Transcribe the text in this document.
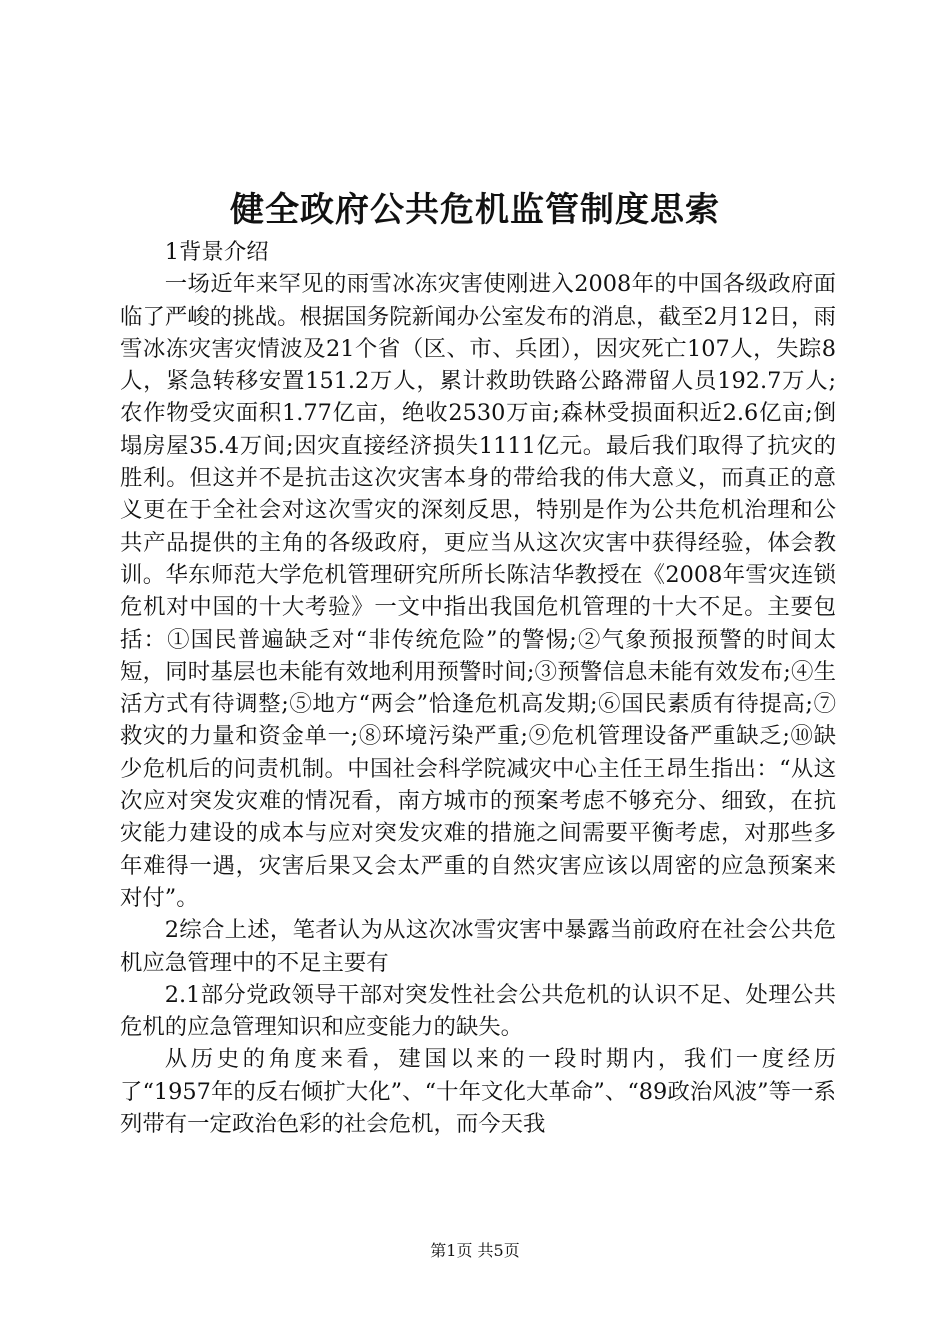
健全政府公共危机监管制度思索

1背景介绍

一场近年来罕见的雨雪冰冻灾害使刚进入2008年的中国各级政府面临了严峻的挑战。根据国务院新闻办公室发布的消息，截至2月12日，雨雪冰冻灾害灾情波及21个省（区、市、兵团），因灾死亡107人，失踪8人，紧急转移安置151.2万人，累计救助铁路公路滞留人员192.7万人;农作物受灾面积1.77亿亩，绝收2530万亩;森林受损面积近2.6亿亩;倒塌房屋35.4万间;因灾直接经济损失1111亿元。最后我们取得了抗灾的胜利。但这并不是抗击这次灾害本身的带给我的伟大意义，而真正的意义更在于全社会对这次雪灾的深刻反思，特别是作为公共危机治理和公共产品提供的主角的各级政府，更应当从这次灾害中获得经验，体会教训。华东师范大学危机管理研究所所长陈洁华教授在《2008年雪灾连锁危机对中国的十大考验》一文中指出我国危机管理的十大不足。主要包括：①国民普遍缺乏对“非传统危险”的警惕;②气象预报预警的时间太短，同时基层也未能有效地利用预警时间;③预警信息未能有效发布;④生活方式有待调整;⑤地方“两会”恰逢危机高发期;⑥国民素质有待提高;⑦救灾的力量和资金单一;⑧环境污染严重;⑨危机管理设备严重缺乏;⑩缺少危机后的问责机制。中国社会科学院减灾中心主任王昂生指出：“从这次应对突发灾难的情况看，南方城市的预案考虑不够充分、细致，在抗灾能力建设的成本与应对突发灾难的措施之间需要平衡考虑，对那些多年难得一遇，灾害后果又会太严重的自然灾害应该以周密的应急预案来对付”。

2综合上述，笔者认为从这次冰雪灾害中暴露当前政府在社会公共危机应急管理中的不足主要有

2.1部分党政领导干部对突发性社会公共危机的认识不足、处理公共危机的应急管理知识和应变能力的缺失。

从历史的角度来看，建国以来的一段时期内，我们一度经历了“1957年的反右倾扩大化”、“十年文化大革命”、“89政治风波”等一系列带有一定政治色彩的社会危机，而今天我

第1页 共5页
